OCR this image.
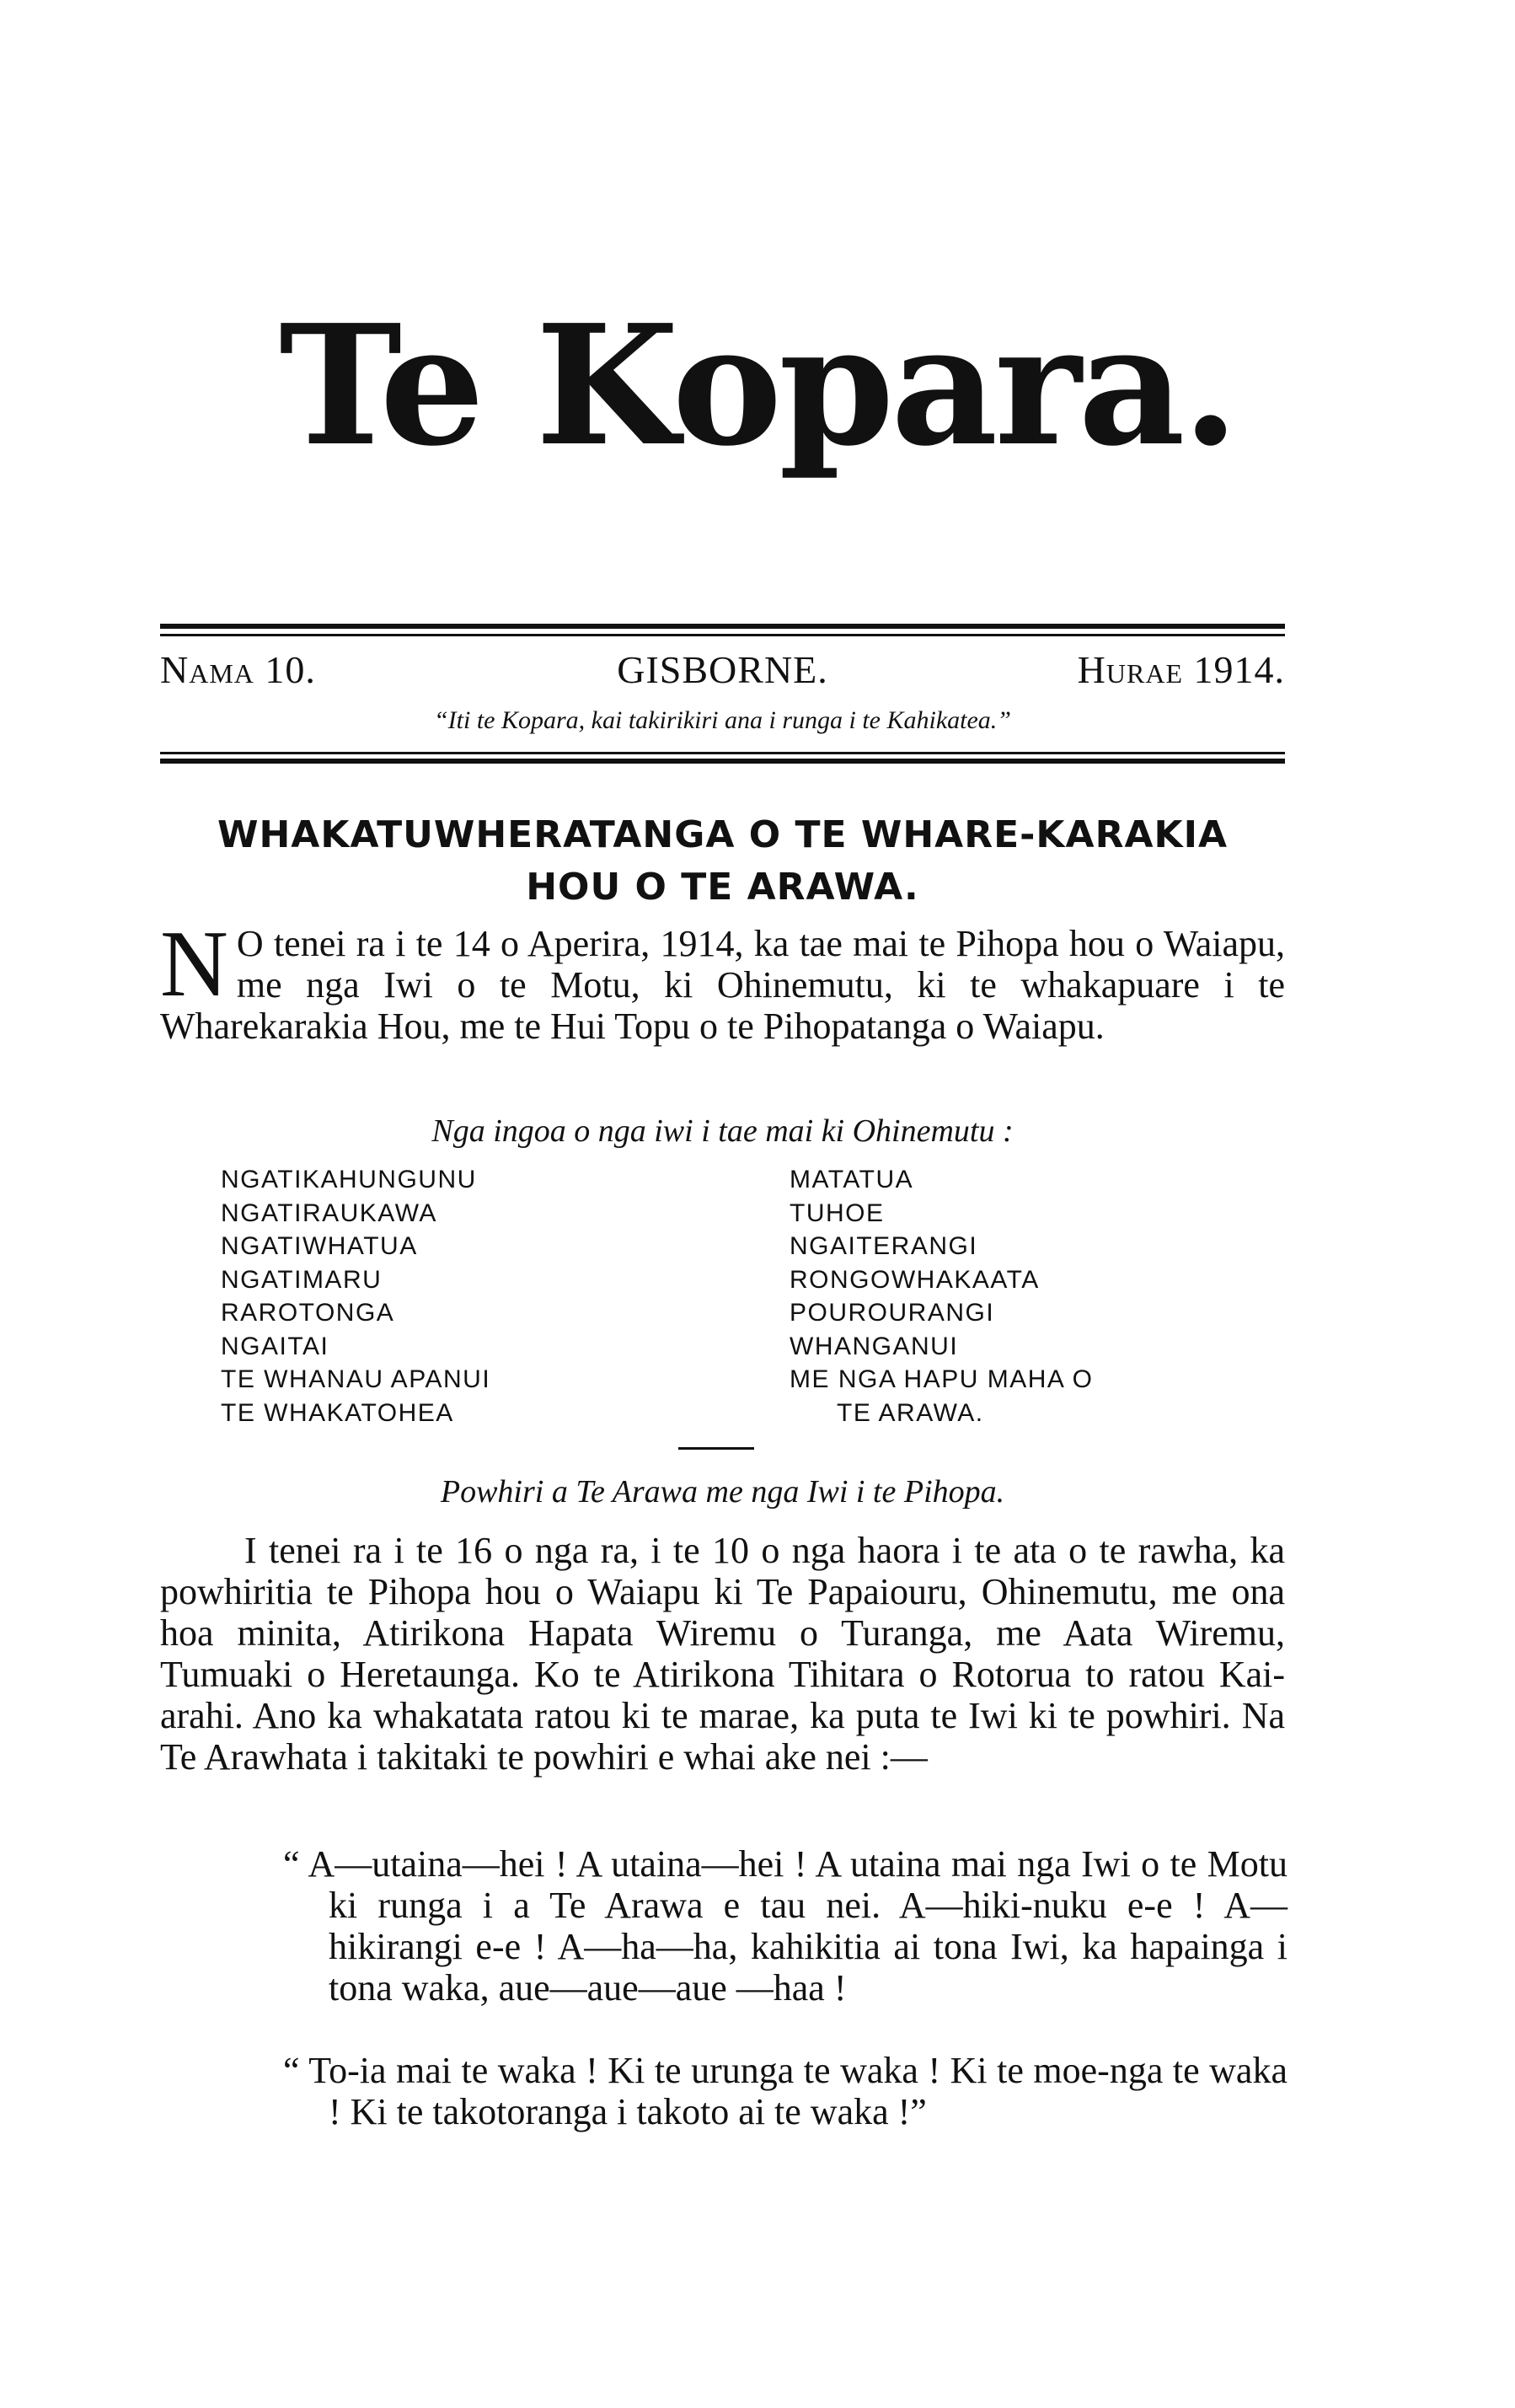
Te Kopara.
Nama 10.	GISBORNE.	Hurae 1914.
“Iti te Kopara, kai takirikiri ana i runga i te Kahikatea.”
WHAKATUWHERATANGA O TE WHARE-KARAKIA
HOU O TE ARAWA.
N O tenei ra i te 14 o Aperira, 1914, ka tae mai te Pihopa hou o Waiapu, me nga Iwi o te Motu, ki Ohinemutu, ki te whakapuare i te Wharekarakia Hou, me te Hui Topu o te Pihopatanga o Waiapu.
Nga ingoa o nga iwi i tae mai ki Ohinemutu :
NGATIKAHUNGUNU
NGATIRAUKAWA
NGATIWHATUA
NGATIMARU
RAROTONGA
NGAITAI
TE WHANAU APANUI
TE WHAKATOHEA
MATATUA
TUHOE
NGAITERANGI
RONGOWHAKAATA
POUROURANGI
WHANGANUI
ME NGA HAPU MAHA O
TE ARAWA.
Powhiri a Te Arawa me nga Iwi i te Pihopa.
I tenei ra i te 16 o nga ra, i te 10 o nga haora i te ata o te rawha, ka powhiritia te Pihopa hou o Waiapu ki Te Papaiouru, Ohinemutu, me ona hoa minita, Atirikona Hapata Wiremu o Turanga, me Aata Wiremu, Tumuaki o Heretaunga. Ko te Atirikona Tihitara o Rotorua to ratou Kai-arahi. Ano ka whakatata ratou ki te marae, ka puta te Iwi ki te powhiri. Na Te Arawhata i takitaki te powhiri e whai ake nei :—

“ A—utaina—hei ! A utaina—hei ! A utaina mai nga Iwi o te Motu ki runga i a Te Arawa e tau nei. A—hiki-nuku e-e ! A—hikirangi e-e ! A—ha—ha, kahikitia ai tona Iwi, ka hapainga i tona waka, aue—aue—aue —haa !

“ To-ia mai te waka ! Ki te urunga te waka ! Ki te moe-nga te waka ! Ki te takotoranga i takoto ai te waka !”
